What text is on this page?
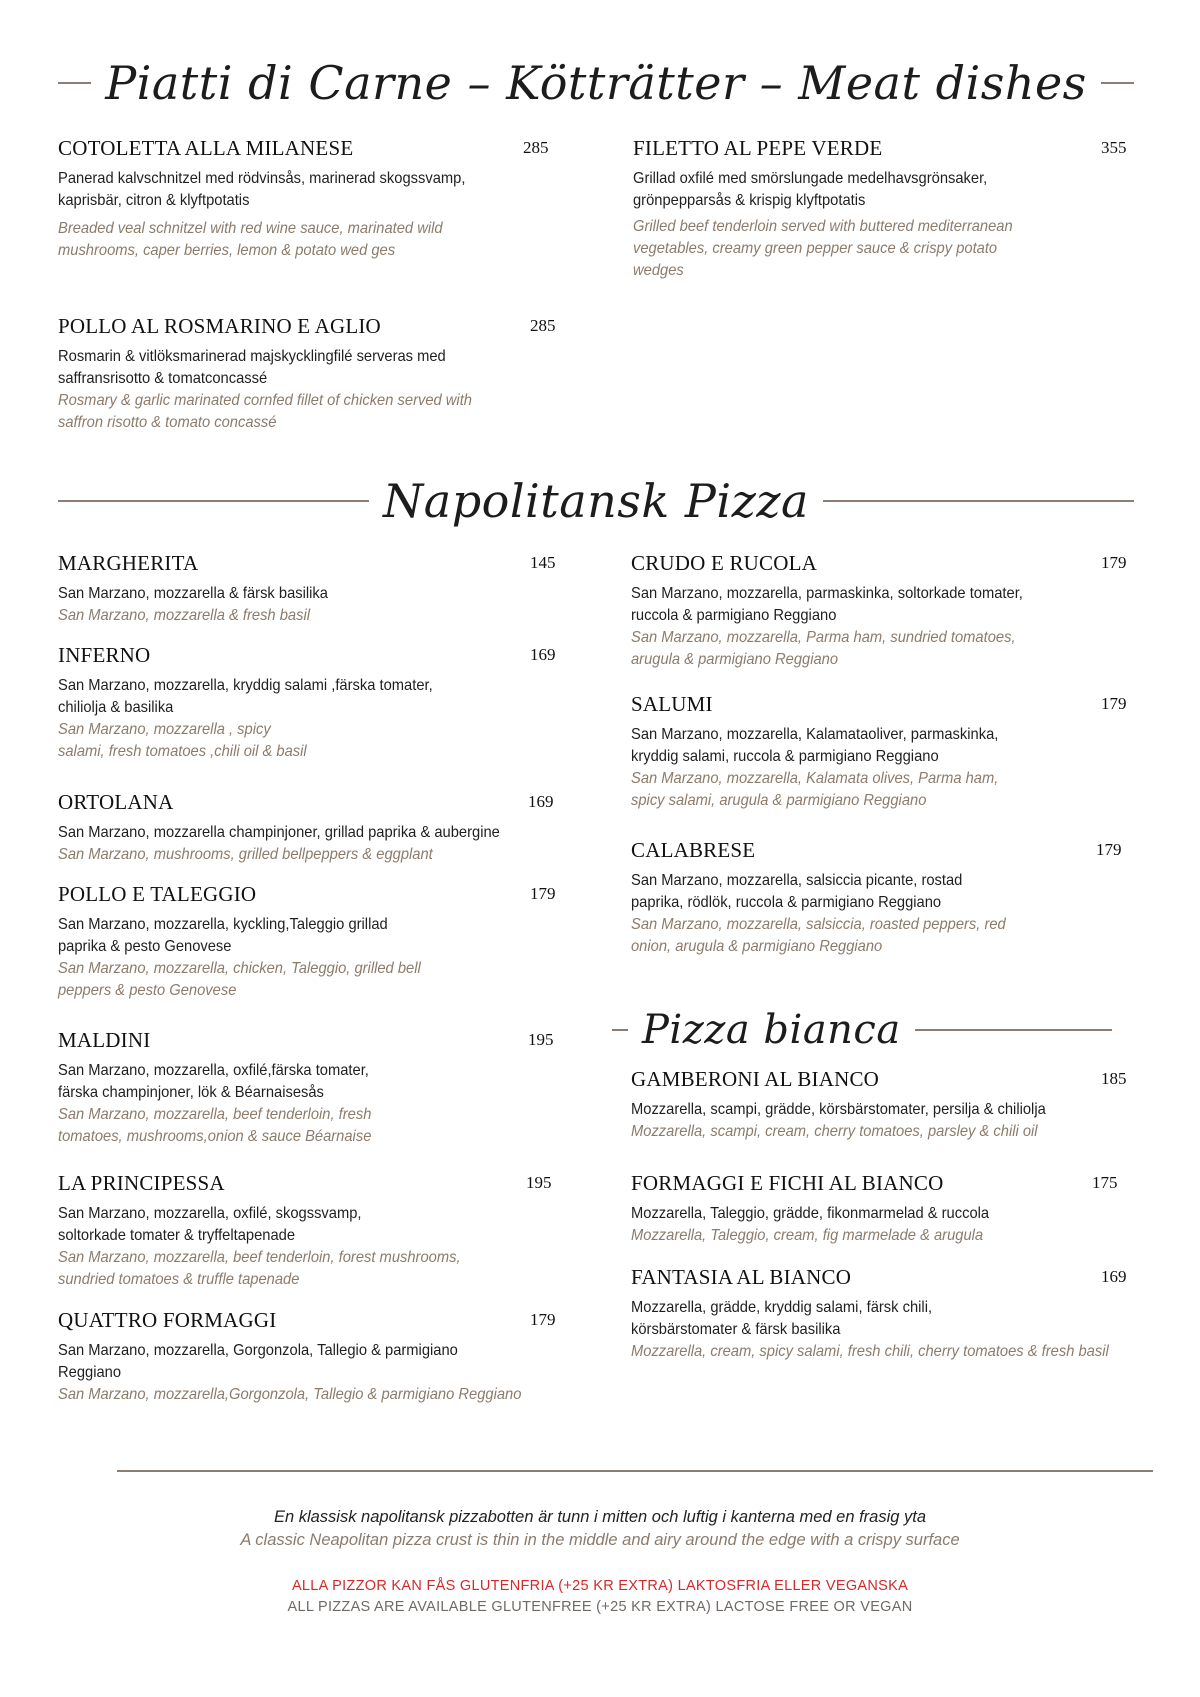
Piatti di Carne – Kötträtter – Meat dishes
COTOLETTA ALLA MILANESE	285
Panerad kalvschnitzel med rödvinsås, marinerad skogssvamp, kaprisbär, citron & klyftpotatis
Breaded veal schnitzel with red wine sauce, marinated wild mushrooms, caper berries, lemon & potato wed ges
FILETTO AL PEPE VERDE	355
Grillad oxfilé med smörslungade medelhavsgrönsaker, grönpepparsås & krispig klyftpotatis
Grilled beef tenderloin served with buttered mediterranean vegetables, creamy green pepper sauce & crispy potato wedges
POLLO AL ROSMARINO E AGLIO	285
Rosmarin & vitlöksmarinerad majskycklingfilé serveras med saffransrisotto & tomatconcassé
Rosmary & garlic marinated cornfed fillet of chicken served with saffron risotto & tomato concassé
Napolitansk Pizza
MARGHERITA	145
San Marzano, mozzarella & färsk basilika
San Marzano, mozzarella & fresh basil
INFERNO	169
San Marzano, mozzarella, kryddig salami ,färska tomater, chiliolja & basilika
San Marzano, mozzarella , spicy salami, fresh tomatoes ,chili oil & basil
ORTOLANA	169
San Marzano, mozzarella champinjoner, grillad paprika & aubergine
San Marzano, mushrooms, grilled bellpeppers & eggplant
POLLO E TALEGGIO	179
San Marzano, mozzarella, kyckling,Taleggio grillad paprika & pesto Genovese
San Marzano, mozzarella, chicken, Taleggio, grilled bell peppers & pesto Genovese
MALDINI	195
San Marzano, mozzarella, oxfilé,färska tomater, färska champinjoner, lök & Béarnaisesås
San Marzano, mozzarella, beef tenderloin, fresh tomatoes, mushrooms,onion & sauce Béarnaise
LA PRINCIPESSA	195
San Marzano, mozzarella, oxfilé, skogssvamp, soltorkade tomater & tryffeltapenade
San Marzano, mozzarella, beef tenderloin, forest mushrooms, sundried tomatoes & truffle tapenade
QUATTRO FORMAGGI	179
San Marzano, mozzarella, Gorgonzola, Tallegio & parmigiano Reggiano
San Marzano, mozzarella,Gorgonzola, Tallegio & parmigiano Reggiano
CRUDO E RUCOLA	179
San Marzano, mozzarella, parmaskinka, soltorkade tomater, ruccola & parmigiano Reggiano
San Marzano, mozzarella, Parma ham, sundried tomatoes, arugula & parmigiano Reggiano
SALUMI	179
San Marzano, mozzarella, Kalamataoliver, parmaskinka, kryddig salami, ruccola & parmigiano Reggiano
San Marzano, mozzarella, Kalamata olives, Parma ham, spicy salami, arugula & parmigiano Reggiano
CALABRESE	179
San Marzano, mozzarella, salsiccia picante, rostad paprika, rödlök, ruccola & parmigiano Reggiano
San Marzano, mozzarella, salsiccia, roasted peppers, red onion, arugula & parmigiano Reggiano
Pizza bianca
GAMBERONI AL BIANCO	185
Mozzarella, scampi, grädde, körsbärstomater, persilja & chiliolja
Mozzarella, scampi, cream, cherry tomatoes, parsley & chili oil
FORMAGGI E FICHI AL BIANCO	175
Mozzarella, Taleggio, grädde, fikonmarmelad & ruccola
Mozzarella, Taleggio, cream, fig marmelade & arugula
FANTASIA AL BIANCO	169
Mozzarella, grädde, kryddig salami, färsk chili, körsbärstomater & färsk basilika
Mozzarella, cream, spicy salami, fresh chili, cherry tomatoes & fresh basil
En klassisk napolitansk pizzabotten är tunn i mitten och luftig i kanterna med en frasig yta
A classic Neapolitan pizza crust is thin in the middle and airy around the edge with a crispy surface
ALLA PIZZOR KAN FÅS GLUTENFRIA (+25 KR EXTRA) LAKTOSFRIA ELLER VEGANSKA
ALL PIZZAS ARE AVAILABLE GLUTENFREE (+25 KR EXTRA) LACTOSE FREE OR VEGAN
